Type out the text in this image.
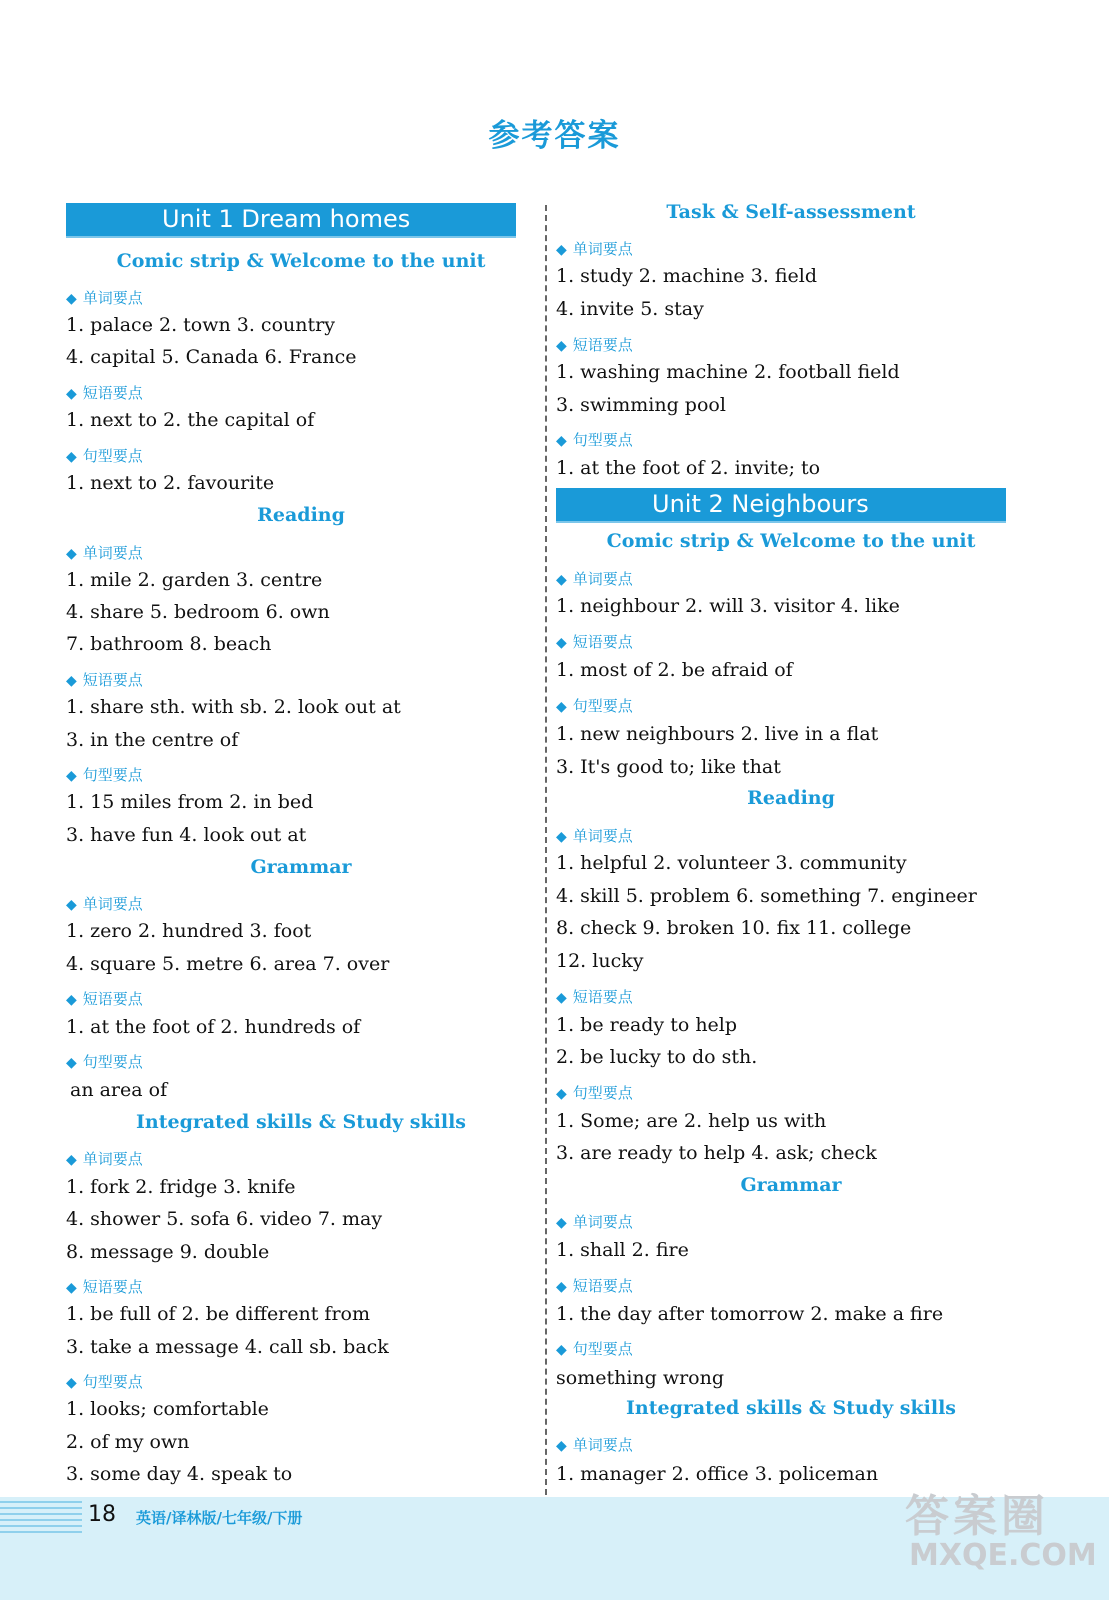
参考答案
Unit 1 Dream homes
Comic strip & Welcome to the unit
◆ 单词要点
1. palace 2. town 3. country
4. capital 5. Canada 6. France
◆ 短语要点
1. next to 2. the capital of
◆ 句型要点
1. next to 2. favourite
Reading
◆ 单词要点
1. mile 2. garden 3. centre
4. share 5. bedroom 6. own
7. bathroom 8. beach
◆ 短语要点
1. share sth. with sb. 2. look out at
3. in the centre of
◆ 句型要点
1. 15 miles from 2. in bed
3. have fun 4. look out at
Grammar
◆ 单词要点
1. zero 2. hundred 3. foot
4. square 5. metre 6. area 7. over
◆ 短语要点
1. at the foot of 2. hundreds of
◆ 句型要点
an area of
Integrated skills & Study skills
◆ 单词要点
1. fork 2. fridge 3. knife
4. shower 5. sofa 6. video 7. may
8. message 9. double
◆ 短语要点
1. be full of 2. be different from
3. take a message 4. call sb. back
◆ 句型要点
1. looks; comfortable
2. of my own
3. some day 4. speak to
Task & Self-assessment
◆ 单词要点
1. study 2. machine 3. field
4. invite 5. stay
◆ 短语要点
1. washing machine 2. football field
3. swimming pool
◆ 句型要点
1. at the foot of 2. invite; to
Unit 2 Neighbours
Comic strip & Welcome to the unit
◆ 单词要点
1. neighbour 2. will 3. visitor 4. like
◆ 短语要点
1. most of 2. be afraid of
◆ 句型要点
1. new neighbours 2. live in a flat
3. It's good to; like that
Reading
◆ 单词要点
1. helpful 2. volunteer 3. community
4. skill 5. problem 6. something 7. engineer
8. check 9. broken 10. fix 11. college
12. lucky
◆ 短语要点
1. be ready to help
2. be lucky to do sth.
◆ 句型要点
1. Some; are 2. help us with
3. are ready to help 4. ask; check
Grammar
◆ 单词要点
1. shall 2. fire
◆ 短语要点
1. the day after tomorrow 2. make a fire
◆ 句型要点
something wrong
Integrated skills & Study skills
◆ 单词要点
1. manager 2. office 3. policeman
18 英语/译林版/七年级/下册	答案圈
MXQE.COM
